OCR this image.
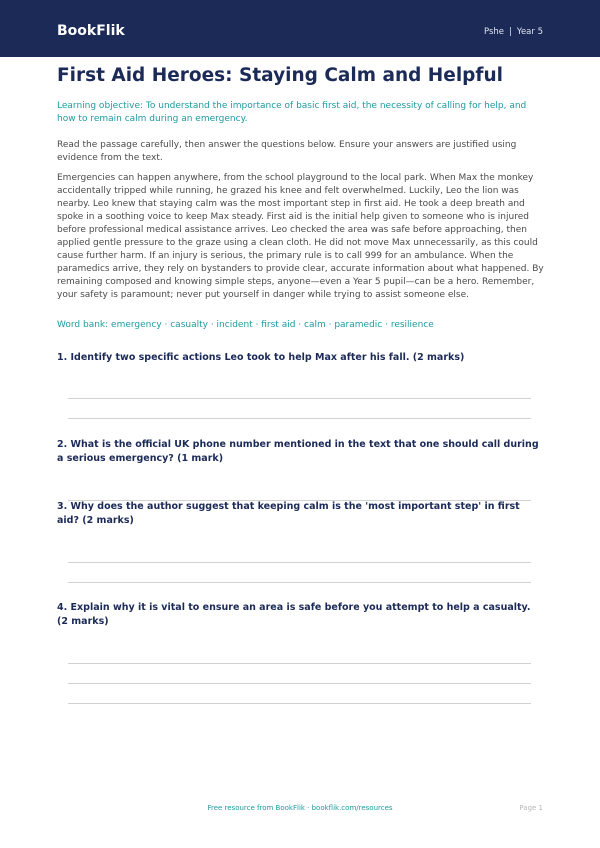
BookFlik	Pshe | Year 5
First Aid Heroes: Staying Calm and Helpful

Learning objective: To understand the importance of basic first aid, the necessity of calling for help, and how to remain calm during an emergency.

Read the passage carefully, then answer the questions below. Ensure your answers are justified using evidence from the text.

Emergencies can happen anywhere, from the school playground to the local park. When Max the monkey accidentally tripped while running, he grazed his knee and felt overwhelmed. Luckily, Leo the lion was nearby. Leo knew that staying calm was the most important step in first aid. He took a deep breath and spoke in a soothing voice to keep Max steady. First aid is the initial help given to someone who is injured before professional medical assistance arrives. Leo checked the area was safe before approaching, then applied gentle pressure to the graze using a clean cloth. He did not move Max unnecessarily, as this could cause further harm. If an injury is serious, the primary rule is to call 999 for an ambulance. When the paramedics arrive, they rely on bystanders to provide clear, accurate information about what happened. By remaining composed and knowing simple steps, anyone—even a Year 5 pupil—can be a hero. Remember, your safety is paramount; never put yourself in danger while trying to assist someone else.

Word bank: emergency · casualty · incident · first aid · calm · paramedic · resilience

1. Identify two specific actions Leo took to help Max after his fall. (2 marks)

2. What is the official UK phone number mentioned in the text that one should call during a serious emergency? (1 mark)

3. Why does the author suggest that keeping calm is the 'most important step' in first aid? (2 marks)

4. Explain why it is vital to ensure an area is safe before you attempt to help a casualty. (2 marks)

Free resource from BookFlik · bookflik.com/resources	Page 1
